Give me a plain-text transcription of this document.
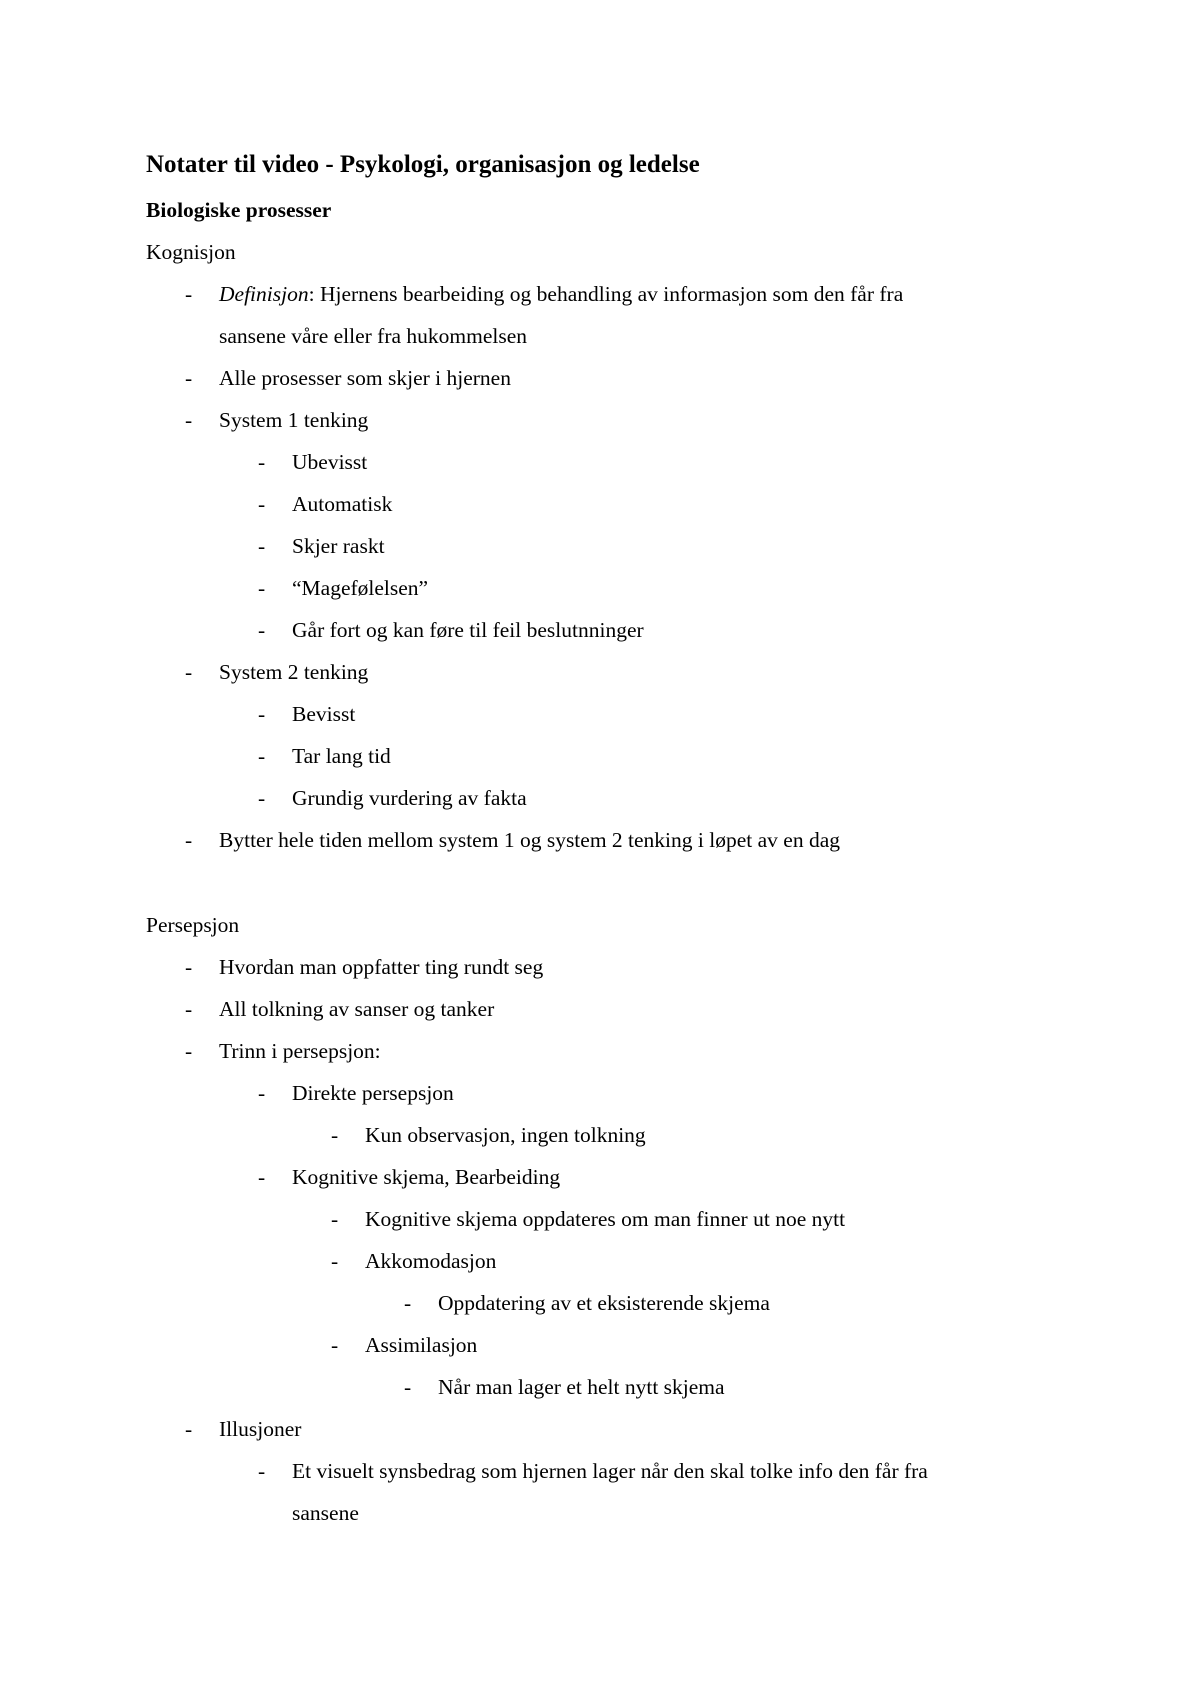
Notater til video - Psykologi, organisasjon og ledelse
Biologiske prosesser
Kognisjon
- Definisjon: Hjernens bearbeiding og behandling av informasjon som den får fra
sansene våre eller fra hukommelsen
- Alle prosesser som skjer i hjernen
- System 1 tenking
- Ubevisst
- Automatisk
- Skjer raskt
- “Magefølelsen”
- Går fort og kan føre til feil beslutnninger
- System 2 tenking
- Bevisst
- Tar lang tid
- Grundig vurdering av fakta
- Bytter hele tiden mellom system 1 og system 2 tenking i løpet av en dag
Persepsjon
- Hvordan man oppfatter ting rundt seg
- All tolkning av sanser og tanker
- Trinn i persepsjon:
- Direkte persepsjon
- Kun observasjon, ingen tolkning
- Kognitive skjema, Bearbeiding
- Kognitive skjema oppdateres om man finner ut noe nytt
- Akkomodasjon
- Oppdatering av et eksisterende skjema
- Assimilasjon
- Når man lager et helt nytt skjema
- Illusjoner
- Et visuelt synsbedrag som hjernen lager når den skal tolke info den får fra
sansene
